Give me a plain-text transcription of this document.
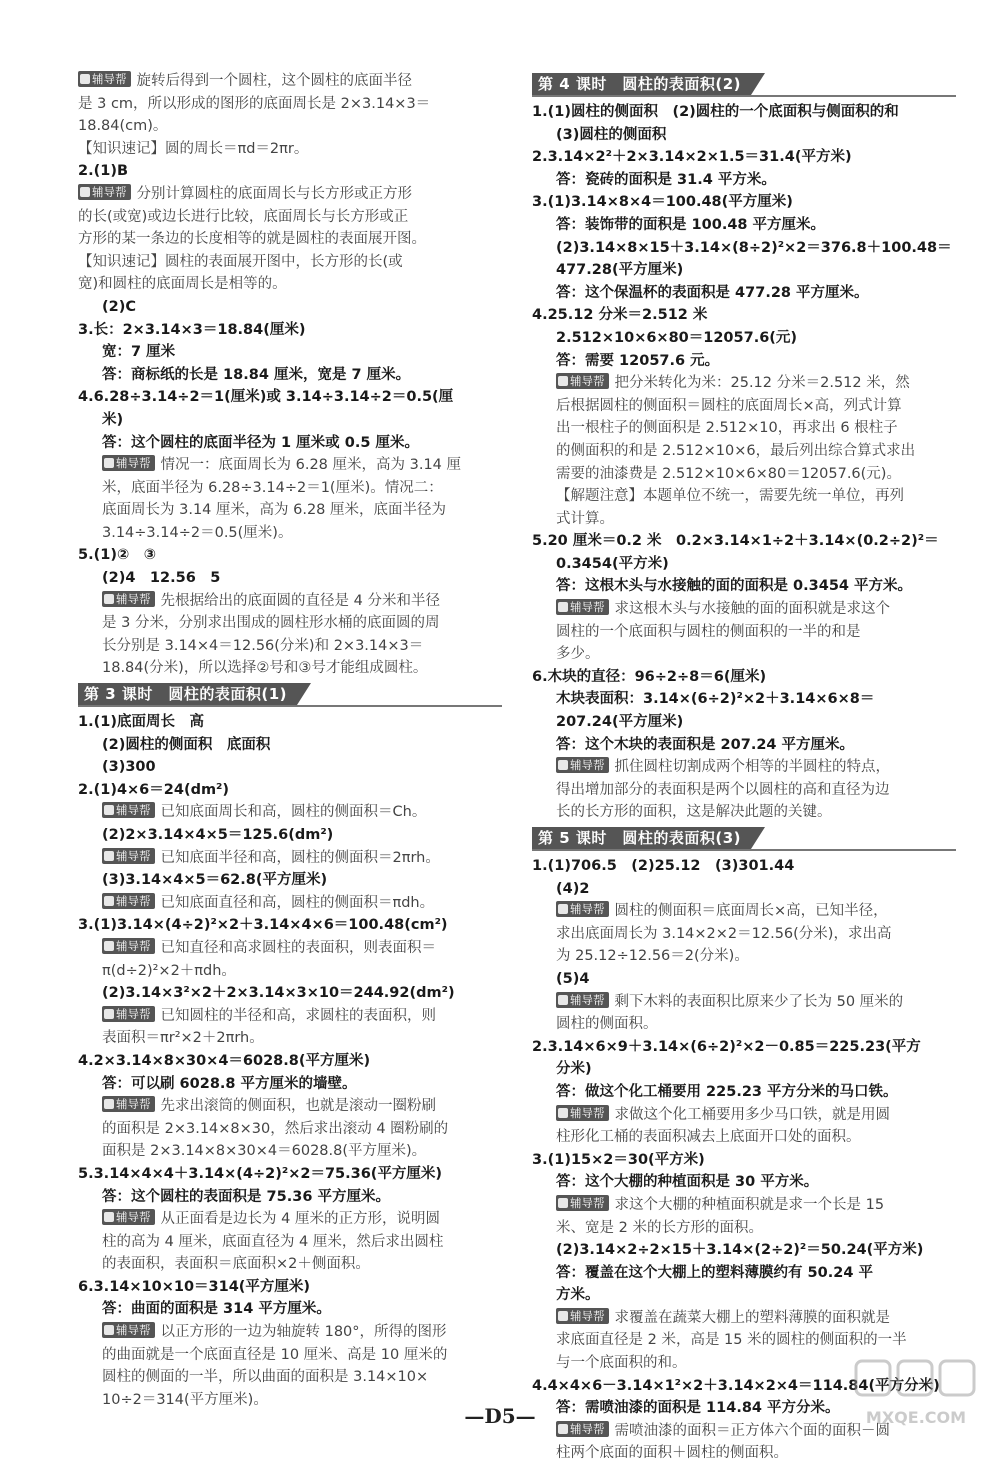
辅导帮 旋转后得到一个圆柱，这个圆柱的底面半径
是 3 cm，所以形成的图形的底面周长是 2×3.14×3＝
18.84(cm)。
【知识速记】圆的周长＝πd＝2πr。
2.(1)B
辅导帮 分别计算圆柱的底面周长与长方形或正方形
的长(或宽)或边长进行比较，底面周长与长方形或正
方形的某一条边的长度相等的就是圆柱的表面展开图。
【知识速记】圆柱的表面展开图中，长方形的长(或
宽)和圆柱的底面周长是相等的。
(2)C
3.长：2×3.14×3＝18.84(厘米)
宽：7 厘米
答：商标纸的长是 18.84 厘米，宽是 7 厘米。
4.6.28÷3.14÷2＝1(厘米)或 3.14÷3.14÷2＝0.5(厘
米)
答：这个圆柱的底面半径为 1 厘米或 0.5 厘米。
辅导帮 情况一：底面周长为 6.28 厘米，高为 3.14 厘
米，底面半径为 6.28÷3.14÷2＝1(厘米)。情况二：
底面周长为 3.14 厘米，高为 6.28 厘米，底面半径为
3.14÷3.14÷2＝0.5(厘米)。
5.(1)②　③
(2)4　12.56　5
辅导帮 先根据给出的底面圆的直径是 4 分米和半径
是 3 分米，分别求出围成的圆柱形水桶的底面圆的周
长分别是 3.14×4＝12.56(分米)和 2×3.14×3＝
18.84(分米)，所以选择②号和③号才能组成圆柱。
第 3 课时　圆柱的表面积(1)
1.(1)底面周长　高
(2)圆柱的侧面积　底面积
(3)300
2.(1)4×6＝24(dm²)
辅导帮 已知底面周长和高，圆柱的侧面积＝Ch。
(2)2×3.14×4×5＝125.6(dm²)
辅导帮 已知底面半径和高，圆柱的侧面积＝2πrh。
(3)3.14×4×5＝62.8(平方厘米)
辅导帮 已知底面直径和高，圆柱的侧面积＝πdh。
3.(1)3.14×(4÷2)²×2＋3.14×4×6＝100.48(cm²)
辅导帮 已知直径和高求圆柱的表面积，则表面积＝
π(d÷2)²×2＋πdh。
(2)3.14×3²×2＋2×3.14×3×10＝244.92(dm²)
辅导帮 已知圆柱的半径和高，求圆柱的表面积，则
表面积＝πr²×2＋2πrh。
4.2×3.14×8×30×4＝6028.8(平方厘米)
答：可以刷 6028.8 平方厘米的墙壁。
辅导帮 先求出滚筒的侧面积，也就是滚动一圈粉刷
的面积是 2×3.14×8×30，然后求出滚动 4 圈粉刷的
面积是 2×3.14×8×30×4＝6028.8(平方厘米)。
5.3.14×4×4＋3.14×(4÷2)²×2＝75.36(平方厘米)
答：这个圆柱的表面积是 75.36 平方厘米。
辅导帮 从正面看是边长为 4 厘米的正方形，说明圆
柱的高为 4 厘米，底面直径为 4 厘米，然后求出圆柱
的表面积，表面积＝底面积×2＋侧面积。
6.3.14×10×10＝314(平方厘米)
答：曲面的面积是 314 平方厘米。
辅导帮 以正方形的一边为轴旋转 180°，所得的图形
的曲面就是一个底面直径是 10 厘米、高是 10 厘米的
圆柱的侧面的一半，所以曲面的面积是 3.14×10×
10÷2＝314(平方厘米)。
第 4 课时　圆柱的表面积(2)
1.(1)圆柱的侧面积　(2)圆柱的一个底面积与侧面积的和
(3)圆柱的侧面积
2.3.14×2²＋2×3.14×2×1.5＝31.4(平方米)
答：瓷砖的面积是 31.4 平方米。
3.(1)3.14×8×4＝100.48(平方厘米)
答：装饰带的面积是 100.48 平方厘米。
(2)3.14×8×15＋3.14×(8÷2)²×2＝376.8＋100.48＝
477.28(平方厘米)
答：这个保温杯的表面积是 477.28 平方厘米。
4.25.12 分米＝2.512 米
2.512×10×6×80＝12057.6(元)
答：需要 12057.6 元。
辅导帮 把分米转化为米：25.12 分米＝2.512 米，然
后根据圆柱的侧面积＝圆柱的底面周长×高，列式计算
出一根柱子的侧面积是 2.512×10，再求出 6 根柱子
的侧面积的和是 2.512×10×6，最后列出综合算式求出
需要的油漆费是 2.512×10×6×80＝12057.6(元)。
【解题注意】本题单位不统一，需要先统一单位，再列
式计算。
5.20 厘米＝0.2 米　0.2×3.14×1÷2＋3.14×(0.2÷2)²＝
0.3454(平方米)
答：这根木头与水接触的面的面积是 0.3454 平方米。
辅导帮 求这根木头与水接触的面的面积就是求这个
圆柱的一个底面积与圆柱的侧面积的一半的和是
多少。
6.木块的直径：96÷2÷8＝6(厘米)
木块表面积：3.14×(6÷2)²×2＋3.14×6×8＝
207.24(平方厘米)
答：这个木块的表面积是 207.24 平方厘米。
辅导帮 抓住圆柱切割成两个相等的半圆柱的特点，
得出增加部分的表面积是两个以圆柱的高和直径为边
长的长方形的面积，这是解决此题的关键。
第 5 课时　圆柱的表面积(3)
1.(1)706.5　(2)25.12　(3)301.44
(4)2
辅导帮 圆柱的侧面积＝底面周长×高，已知半径，
求出底面周长为 3.14×2×2＝12.56(分米)，求出高
为 25.12÷12.56＝2(分米)。
(5)4
辅导帮 剩下木料的表面积比原来少了长为 50 厘米的
圆柱的侧面积。
2.3.14×6×9＋3.14×(6÷2)²×2－0.85＝225.23(平方
分米)
答：做这个化工桶要用 225.23 平方分米的马口铁。
辅导帮 求做这个化工桶要用多少马口铁，就是用圆
柱形化工桶的表面积减去上底面开口处的面积。
3.(1)15×2＝30(平方米)
答：这个大棚的种植面积是 30 平方米。
辅导帮 求这个大棚的种植面积就是求一个长是 15
米、宽是 2 米的长方形的面积。
(2)3.14×2÷2×15＋3.14×(2÷2)²＝50.24(平方米)
答：覆盖在这个大棚上的塑料薄膜约有 50.24 平
方米。
辅导帮 求覆盖在蔬菜大棚上的塑料薄膜的面积就是
求底面直径是 2 米，高是 15 米的圆柱的侧面积的一半
与一个底面积的和。
4.4×4×6－3.14×1²×2＋3.14×2×4＝114.84(平方分米)
答：需喷油漆的面积是 114.84 平方分米。
辅导帮 需喷油漆的面积＝正方体六个面的面积－圆
柱两个底面的面积＋圆柱的侧面积。
—D5—	MXQE.COM
